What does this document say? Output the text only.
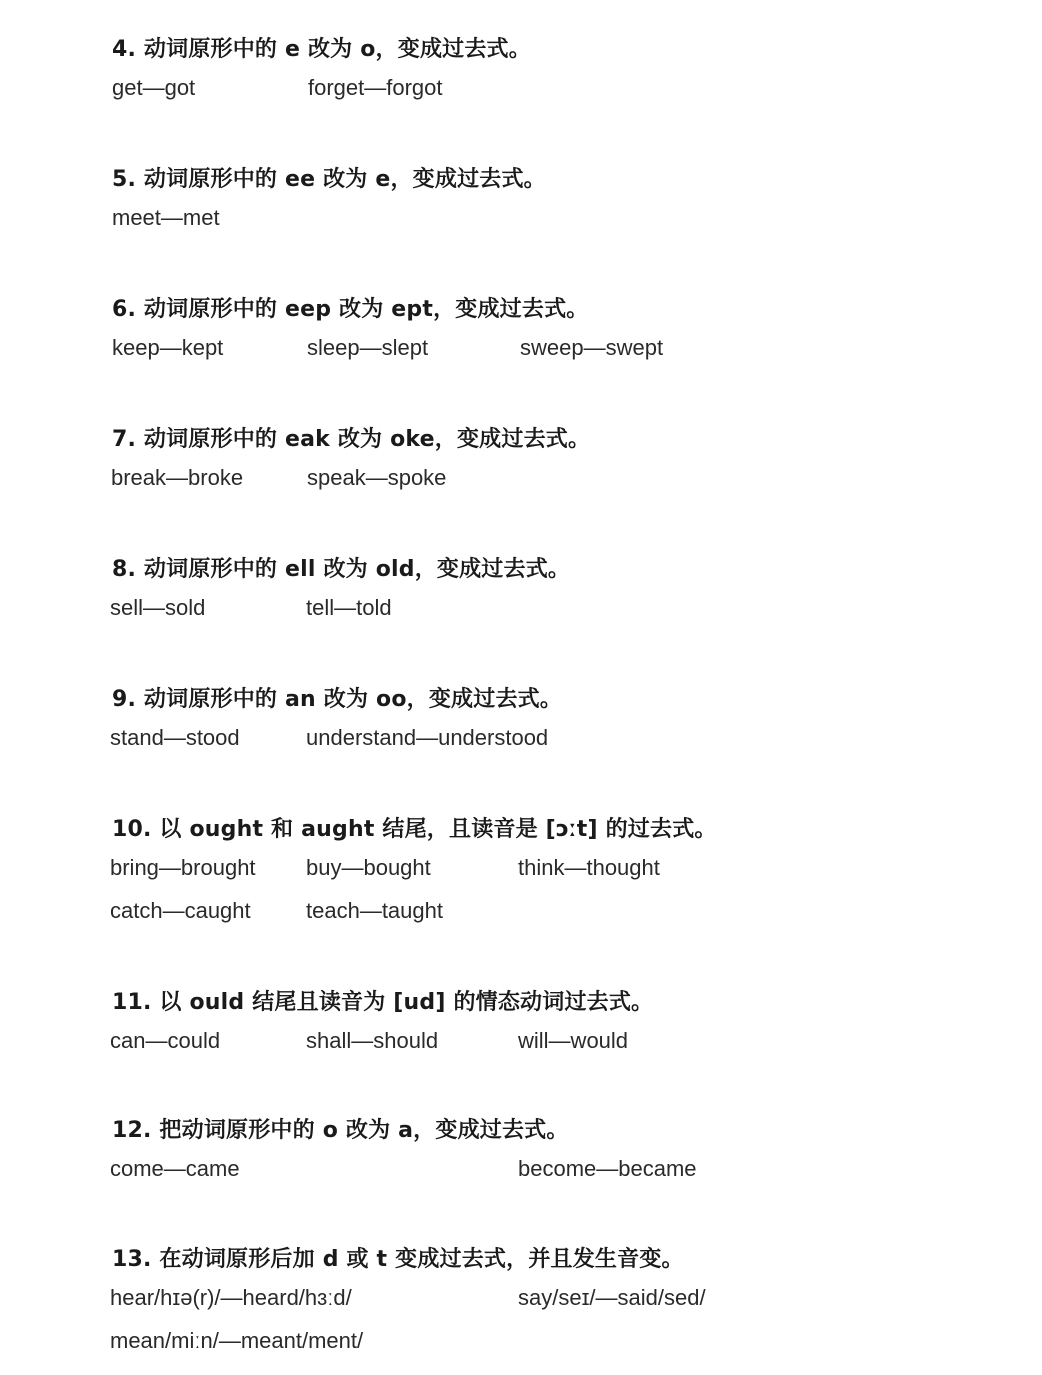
4. 动词原形中的 e 改为 o，变成过去式。
get—got	forget—forgot
5. 动词原形中的 ee 改为 e，变成过去式。
meet—met
6. 动词原形中的 eep 改为 ept，变成过去式。
keep—kept	sleep—slept	sweep—swept
7. 动词原形中的 eak 改为 oke，变成过去式。
break—broke	speak—spoke
8. 动词原形中的 ell 改为 old，变成过去式。
sell—sold	tell—told
9. 动词原形中的 an 改为 oo，变成过去式。
stand—stood	understand—understood
10. 以 ought 和 aught 结尾，且读音是 [ɔːt] 的过去式。
bring—brought buy—bought	think—thought
catch—caught	teach—taught
11. 以 ould 结尾且读音为 [ud] 的情态动词过去式。
can—could	shall—should	will—would
12. 把动词原形中的 o 改为 a，变成过去式。
come—came	become—became
13. 在动词原形后加 d 或 t 变成过去式，并且发生音变。
hear/hɪə(r)/—heard/hɜːd/	say/seɪ/—said/sed/
mean/miːn/—meant/ment/
